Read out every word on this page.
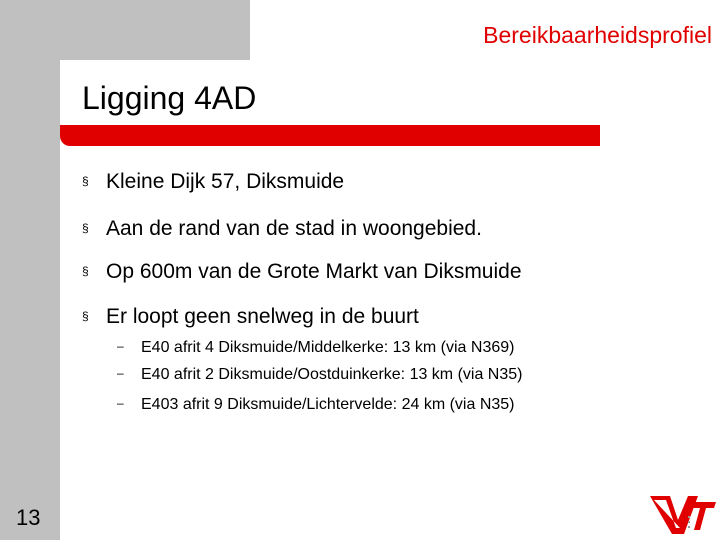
Bereikbaarheidsprofiel
Ligging 4AD
§ Kleine Dijk 57, Diksmuide
§ Aan de rand van de stad in woongebied.
§ Op 600m van de Grote Markt van Diksmuide
§ Er loopt geen snelweg in de buurt
– E40 afrit 4 Diksmuide/Middelkerke: 13 km (via N369)
– E40 afrit 2 Diksmuide/Oostduinkerke: 13 km (via N35)
– E403 afrit 9 Diksmuide/Lichtervelde: 24 km (via N35)
13
